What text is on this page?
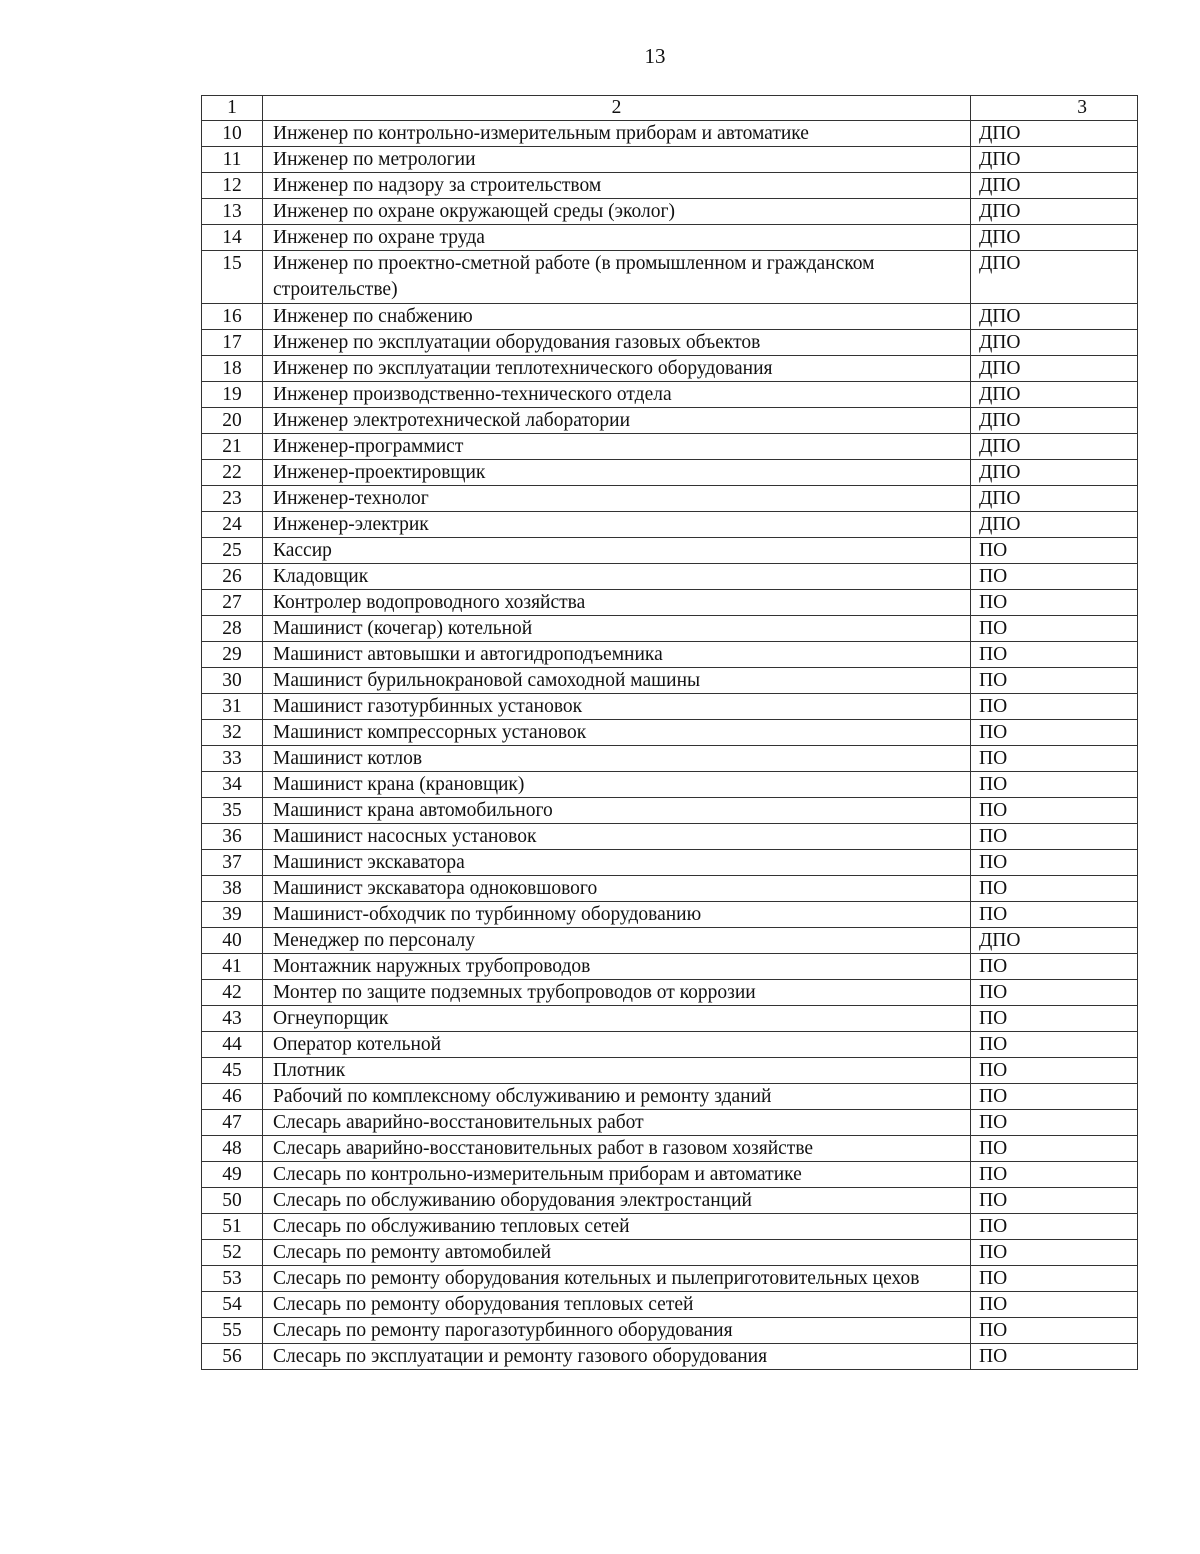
13
1	2	3
10	Инженер по контрольно-измерительным приборам и автоматике	ДПО
11	Инженер по метрологии	ДПО
12	Инженер по надзору за строительством	ДПО
13	Инженер по охране окружающей среды (эколог)	ДПО
14	Инженер по охране труда	ДПО
15	Инженер по проектно-сметной работе (в промышленном и гражданском строительстве)	ДПО
16	Инженер по снабжению	ДПО
17	Инженер по эксплуатации оборудования газовых объектов	ДПО
18	Инженер по эксплуатации теплотехнического оборудования	ДПО
19	Инженер производственно-технического отдела	ДПО
20	Инженер электротехнической лаборатории	ДПО
21	Инженер-программист	ДПО
22	Инженер-проектировщик	ДПО
23	Инженер-технолог	ДПО
24	Инженер-электрик	ДПО
25	Кассир	ПО
26	Кладовщик	ПО
27	Контролер водопроводного хозяйства	ПО
28	Машинист (кочегар) котельной	ПО
29	Машинист автовышки и автогидроподъемника	ПО
30	Машинист бурильнокрановой самоходной машины	ПО
31	Машинист газотурбинных установок	ПО
32	Машинист компрессорных установок	ПО
33	Машинист котлов	ПО
34	Машинист крана (крановщик)	ПО
35	Машинист крана автомобильного	ПО
36	Машинист насосных установок	ПО
37	Машинист экскаватора	ПО
38	Машинист экскаватора одноковшового	ПО
39	Машинист-обходчик по турбинному оборудованию	ПО
40	Менеджер по персоналу	ДПО
41	Монтажник наружных трубопроводов	ПО
42	Монтер по защите подземных трубопроводов от коррозии	ПО
43	Огнеупорщик	ПО
44	Оператор котельной	ПО
45	Плотник	ПО
46	Рабочий по комплексному обслуживанию и ремонту зданий	ПО
47	Слесарь аварийно-восстановительных работ	ПО
48	Слесарь аварийно-восстановительных работ в газовом хозяйстве	ПО
49	Слесарь по контрольно-измерительным приборам и автоматике	ПО
50	Слесарь по обслуживанию оборудования электростанций	ПО
51	Слесарь по обслуживанию тепловых сетей	ПО
52	Слесарь по ремонту автомобилей	ПО
53	Слесарь по ремонту оборудования котельных и пылеприготовительных цехов	ПО
54	Слесарь по ремонту оборудования тепловых сетей	ПО
55	Слесарь по ремонту парогазотурбинного оборудования	ПО
56	Слесарь по эксплуатации и ремонту газового оборудования	ПО
